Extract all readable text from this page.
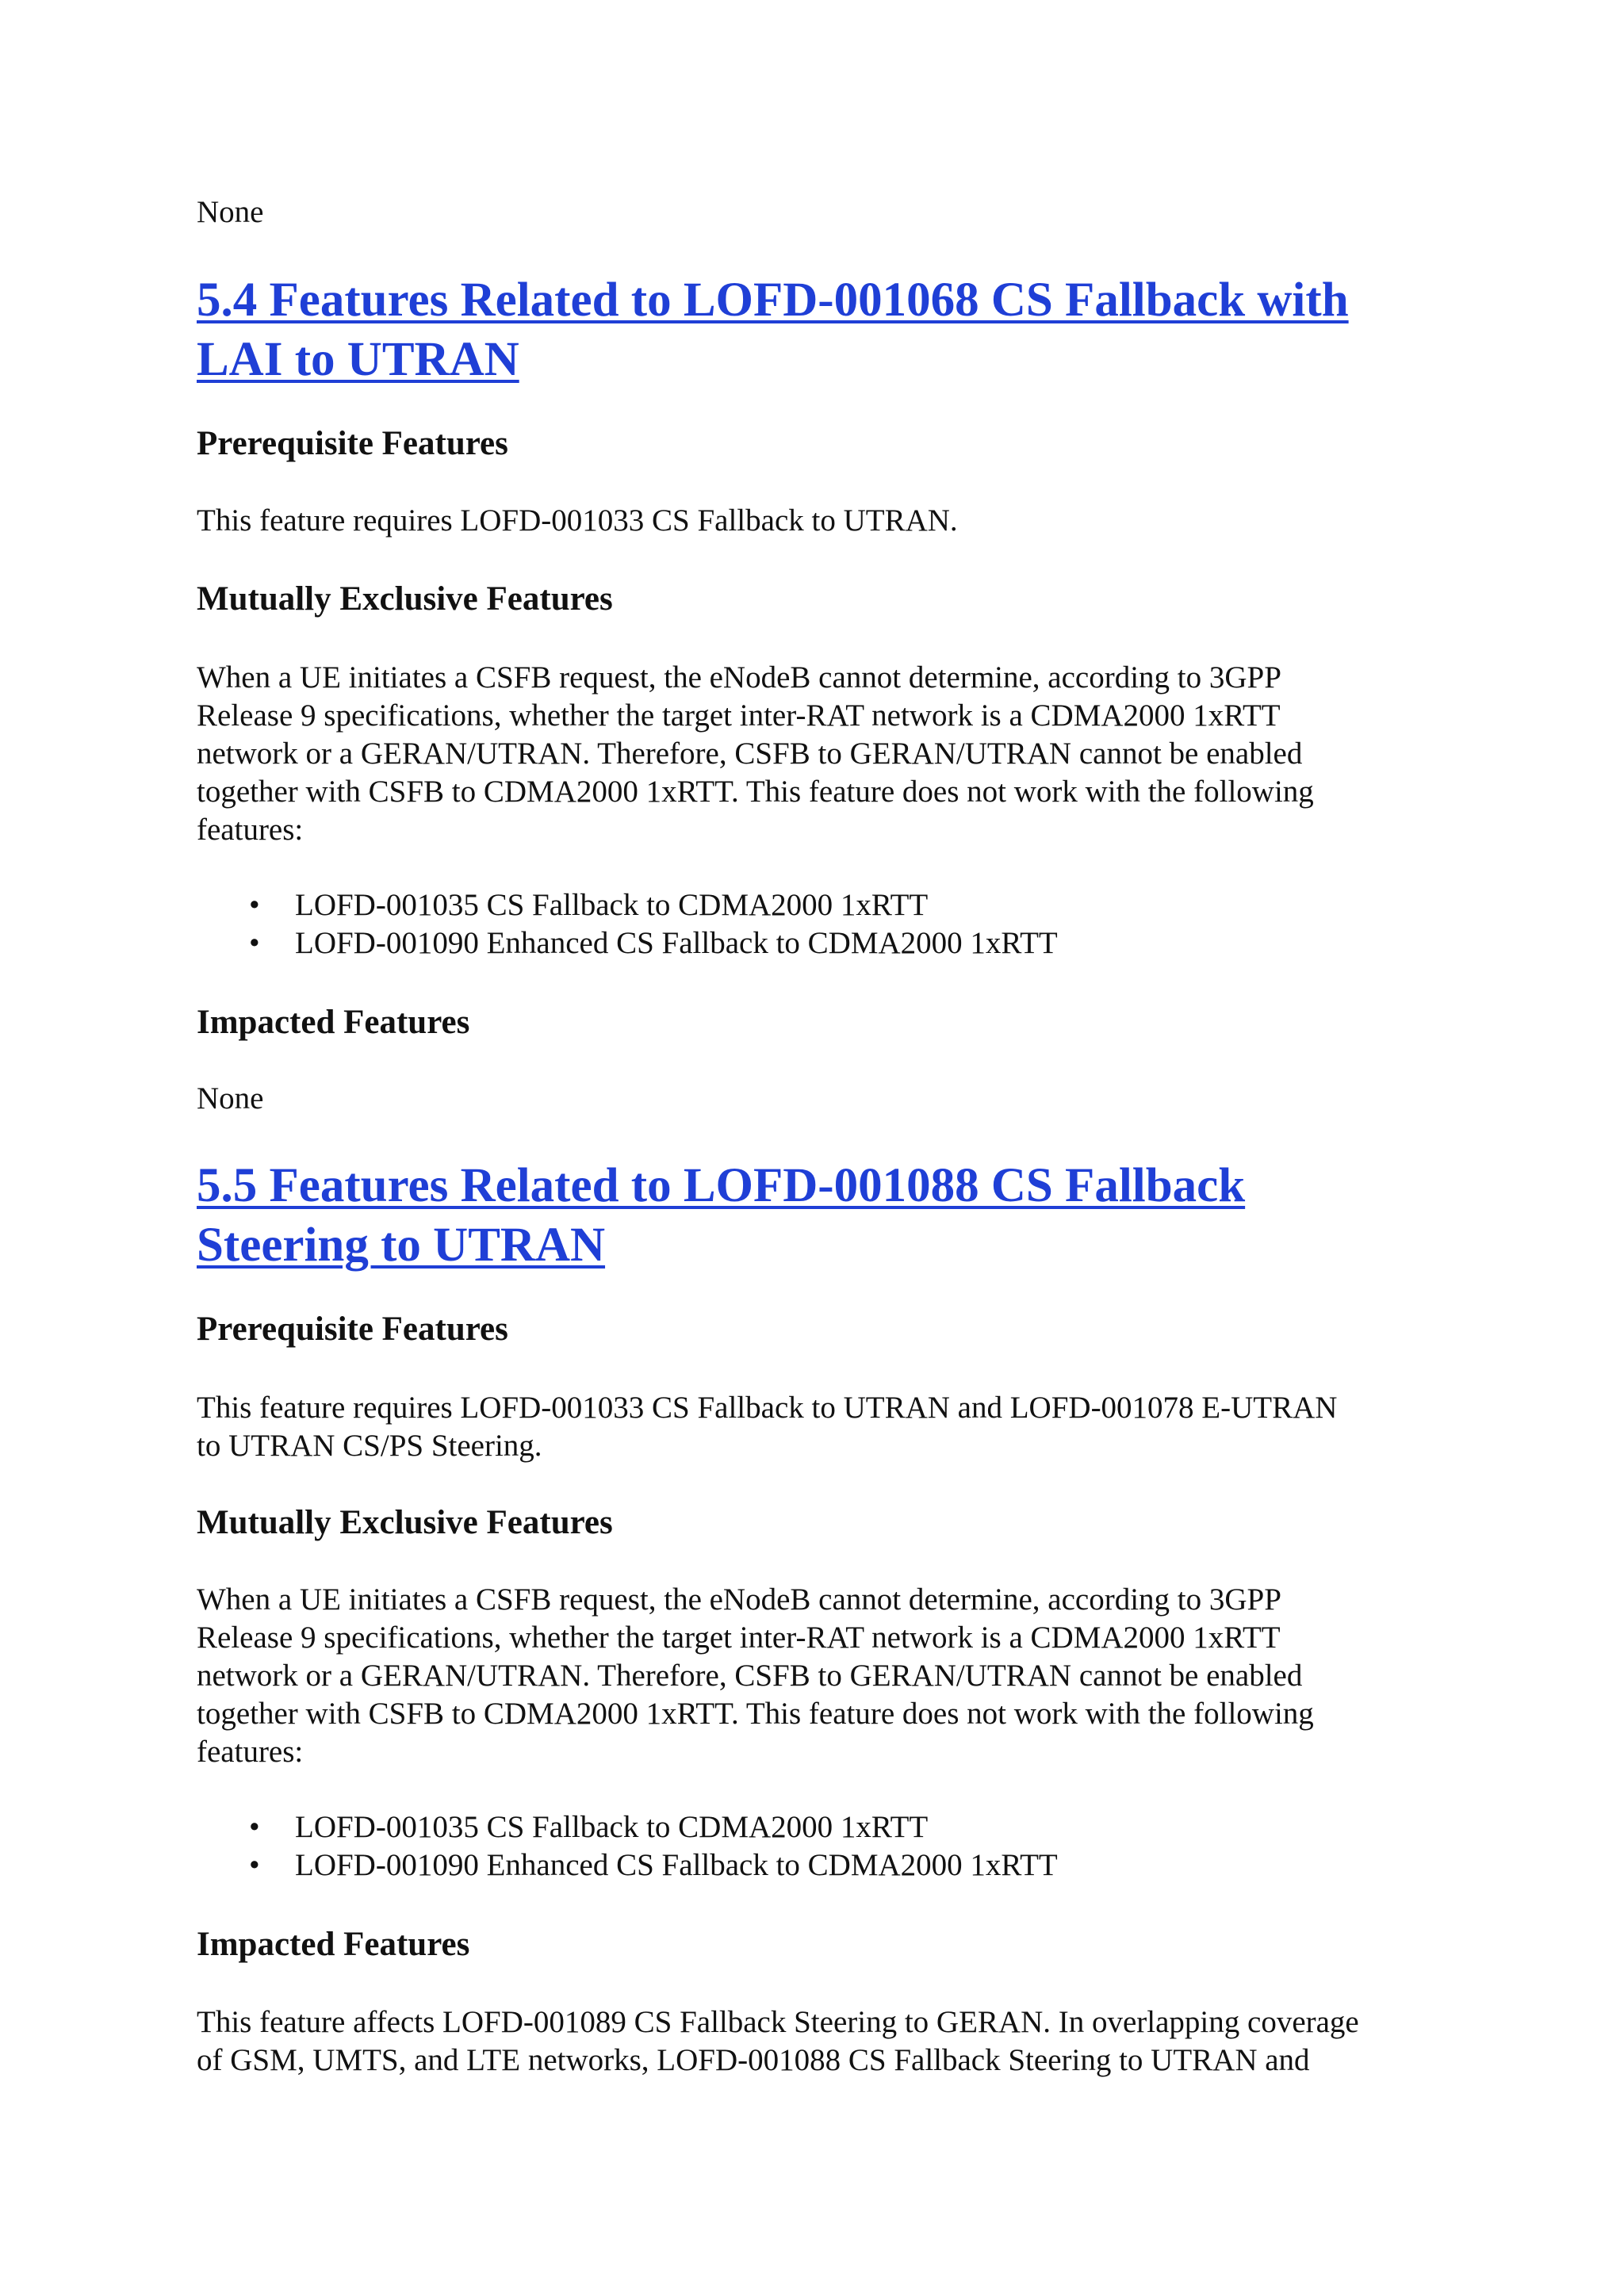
None

5.4 Features Related to LOFD-001068 CS Fallback with

LAI to UTRAN

Prerequisite Features

This feature requires LOFD-001033 CS Fallback to UTRAN.

Mutually Exclusive Features

When a UE initiates a CSFB request, the eNodeB cannot determine, according to 3GPP

Release 9 specifications, whether the target inter-RAT network is a CDMA2000 1xRTT

network or a GERAN/UTRAN. Therefore, CSFB to GERAN/UTRAN cannot be enabled

together with CSFB to CDMA2000 1xRTT. This feature does not work with the following

features:

• LOFD-001035 CS Fallback to CDMA2000 1xRTT
• LOFD-001090 Enhanced CS Fallback to CDMA2000 1xRTT

Impacted Features

None

5.5 Features Related to LOFD-001088 CS Fallback

Steering to UTRAN

Prerequisite Features

This feature requires LOFD-001033 CS Fallback to UTRAN and LOFD-001078 E-UTRAN

to UTRAN CS/PS Steering.

Mutually Exclusive Features

When a UE initiates a CSFB request, the eNodeB cannot determine, according to 3GPP

Release 9 specifications, whether the target inter-RAT network is a CDMA2000 1xRTT

network or a GERAN/UTRAN. Therefore, CSFB to GERAN/UTRAN cannot be enabled

together with CSFB to CDMA2000 1xRTT. This feature does not work with the following

features:

• LOFD-001035 CS Fallback to CDMA2000 1xRTT
• LOFD-001090 Enhanced CS Fallback to CDMA2000 1xRTT

Impacted Features

This feature affects LOFD-001089 CS Fallback Steering to GERAN. In overlapping coverage

of GSM, UMTS, and LTE networks, LOFD-001088 CS Fallback Steering to UTRAN and
